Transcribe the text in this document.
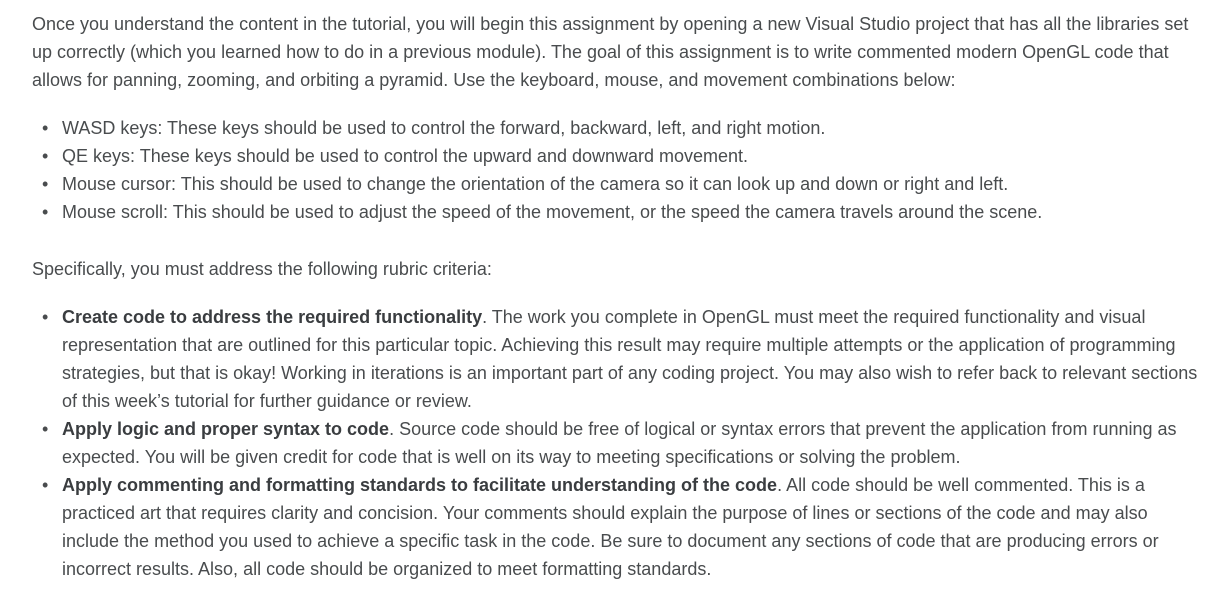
Once you understand the content in the tutorial, you will begin this assignment by opening a new Visual Studio project that has all the libraries set up correctly (which you learned how to do in a previous module). The goal of this assignment is to write commented modern OpenGL code that allows for panning, zooming, and orbiting a pyramid. Use the keyboard, mouse, and movement combinations below:

• WASD keys: These keys should be used to control the forward, backward, left, and right motion.
• QE keys: These keys should be used to control the upward and downward movement.
• Mouse cursor: This should be used to change the orientation of the camera so it can look up and down or right and left.
• Mouse scroll: This should be used to adjust the speed of the movement, or the speed the camera travels around the scene.

Specifically, you must address the following rubric criteria:

• Create code to address the required functionality. The work you complete in OpenGL must meet the required functionality and visual representation that are outlined for this particular topic. Achieving this result may require multiple attempts or the application of programming strategies, but that is okay! Working in iterations is an important part of any coding project. You may also wish to refer back to relevant sections of this week’s tutorial for further guidance or review.
• Apply logic and proper syntax to code. Source code should be free of logical or syntax errors that prevent the application from running as expected. You will be given credit for code that is well on its way to meeting specifications or solving the problem.
• Apply commenting and formatting standards to facilitate understanding of the code. All code should be well commented. This is a practiced art that requires clarity and concision. Your comments should explain the purpose of lines or sections of the code and may also include the method you used to achieve a specific task in the code. Be sure to document any sections of code that are producing errors or incorrect results. Also, all code should be organized to meet formatting standards.
